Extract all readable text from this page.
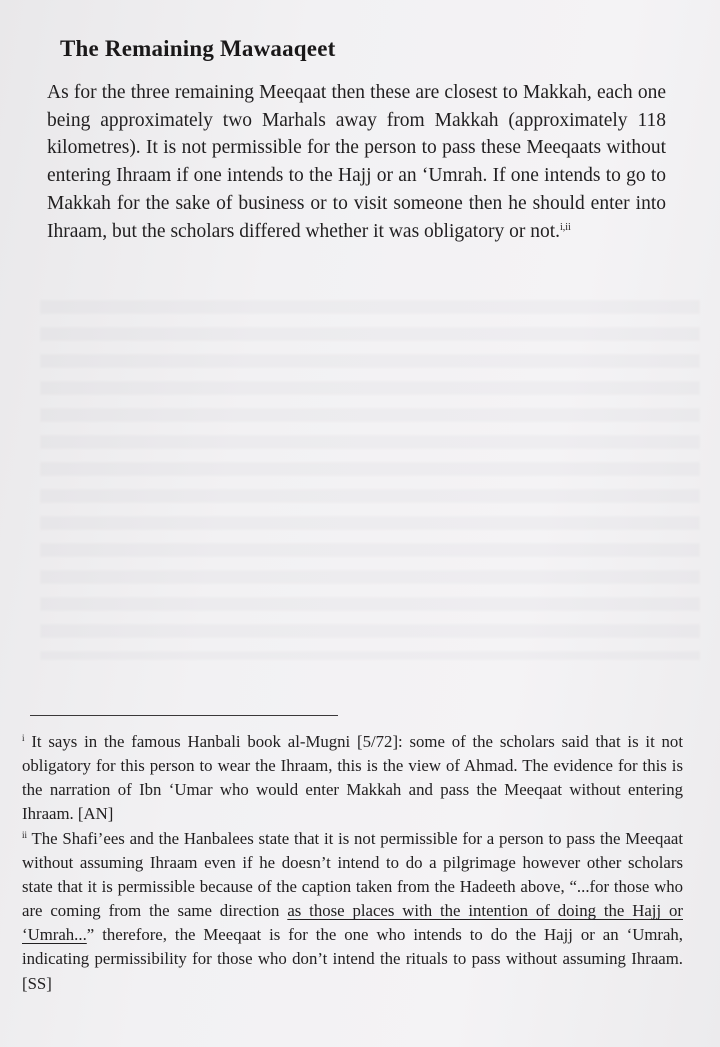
The Remaining Mawaaqeet

As for the three remaining Meeqaat then these are closest to Makkah, each one being approximately two Marhals away from Makkah (approximately 118 kilometres). It is not permissible for the person to pass these Meeqaats without entering Ihraam if one intends to the Hajj or an ‘Umrah. If one intends to go to Makkah for the sake of business or to visit someone then he should enter into Ihraam, but the scholars differed whether it was obligatory or not.$^{i,ii}$

$^i$ It says in the famous Hanbali book al-Mugni [5/72]: some of the scholars said that is it not obligatory for this person to wear the Ihraam, this is the view of Ahmad. The evidence for this is the narration of Ibn ‘Umar who would enter Makkah and pass the Meeqaat without entering Ihraam. [AN]

$^{ii}$ The Shafi’ees and the Hanbalees state that it is not permissible for a person to pass the Meeqaat without assuming Ihraam even if he doesn’t intend to do a pilgrimage however other scholars state that it is permissible because of the caption taken from the Hadeeth above, “...for those who are coming from the same direction as those places with the intention of doing the Hajj or ‘Umrah...” therefore, the Meeqaat is for the one who intends to do the Hajj or an ‘Umrah, indicating permissibility for those who don’t intend the rituals to pass without assuming Ihraam. [SS]
